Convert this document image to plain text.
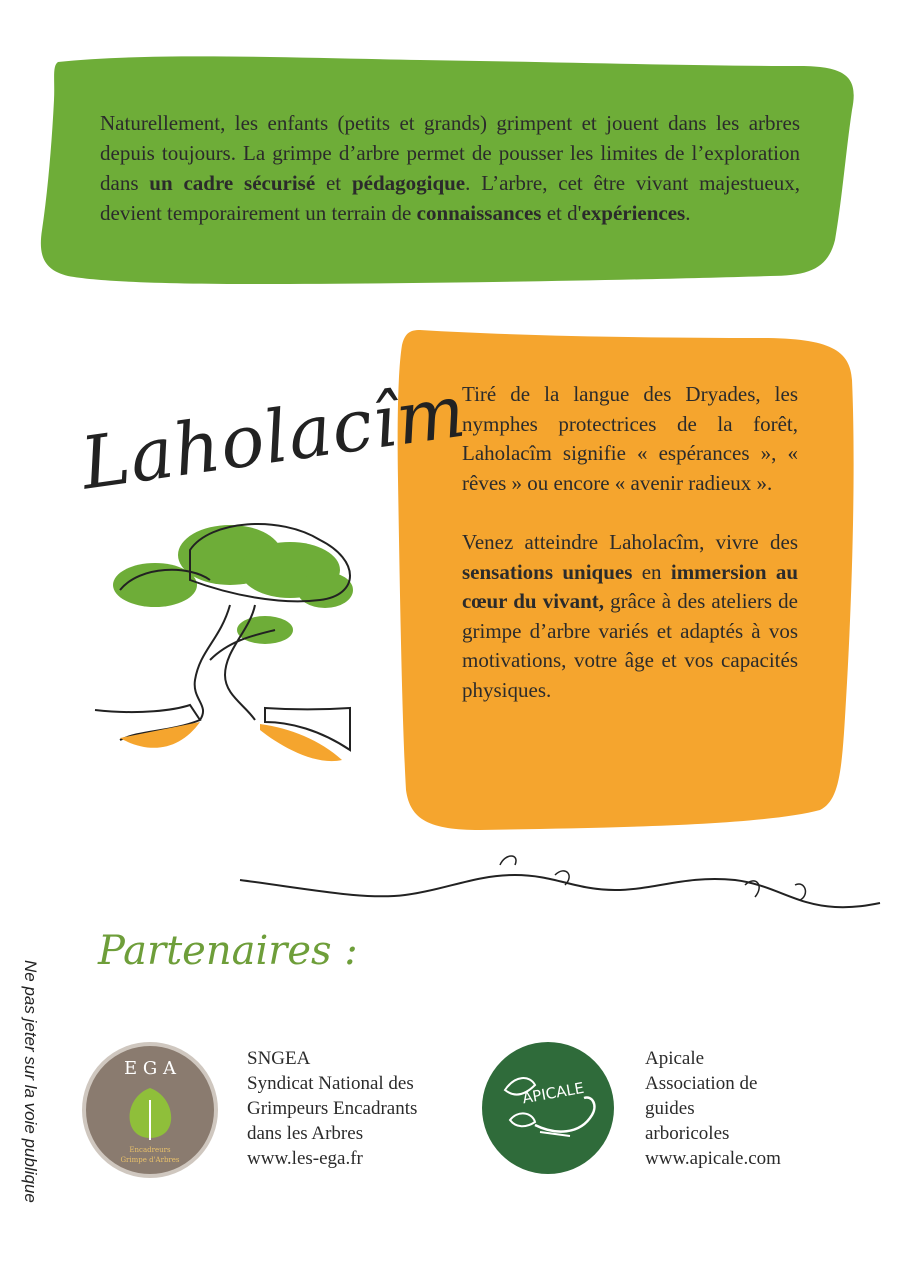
Naturellement, les enfants (petits et grands) grimpent et jouent dans les arbres depuis toujours. La grimpe d’arbre permet de pousser les limites de l’exploration dans un cadre sécurisé et pédagogique. L’arbre, cet être vivant majestueux, devient temporairement un terrain de connaissances et d'expériences.

Tiré de la langue des Dryades, les nymphes protectrices de la forêt, Laholacîm signifie « espérances », « rêves » ou encore « avenir radieux ».

Venez atteindre Laholacîm, vivre des sensations uniques en immersion au cœur du vivant, grâce à des ateliers de grimpe d’arbre variés et adaptés à vos motivations, votre âge et vos capacités physiques.

Laholacîm
Partenaires :
E G A
Encadreurs
Grimpe d'Arbres
SNGEA
Syndicat National des
Grimpeurs Encadrants
dans les Arbres
www.les-ega.fr
APICALE
Apicale
Association de
guides
arboricoles
www.apicale.com
Ne pas jeter sur la voie publique
